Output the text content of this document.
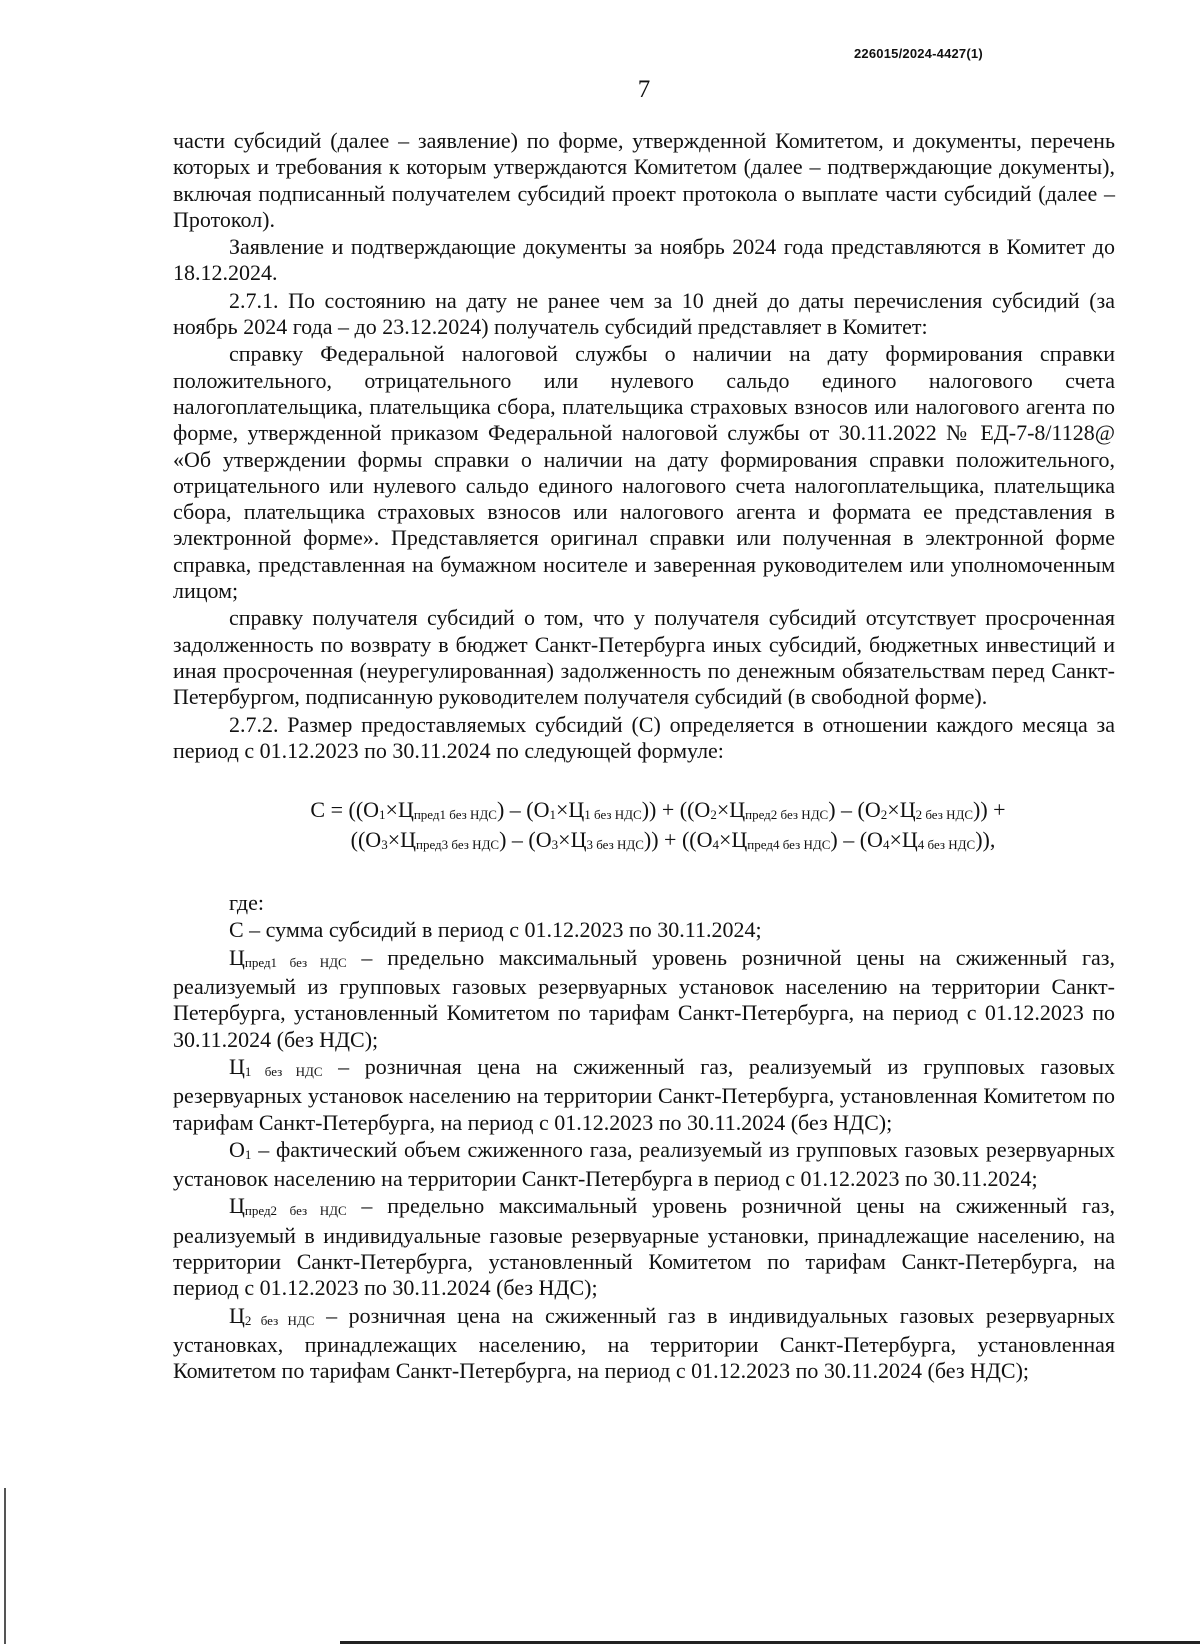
226015/2024-4427(1)
7

части субсидий (далее – заявление) по форме, утвержденной Комитетом, и документы, перечень которых и требования к которым утверждаются Комитетом (далее – подтверждающие документы), включая подписанный получателем субсидий проект протокола о выплате части субсидий (далее – Протокол).

Заявление и подтверждающие документы за ноябрь 2024 года представляются в Комитет до 18.12.2024.

2.7.1. По состоянию на дату не ранее чем за 10 дней до даты перечисления субсидий (за ноябрь 2024 года – до 23.12.2024) получатель субсидий представляет в Комитет:

справку Федеральной налоговой службы о наличии на дату формирования справки положительного, отрицательного или нулевого сальдо единого налогового счета налогоплательщика, плательщика сбора, плательщика страховых взносов или налогового агента по форме, утвержденной приказом Федеральной налоговой службы от 30.11.2022 № ЕД-7-8/1128@ «Об утверждении формы справки о наличии на дату формирования справки положительного, отрицательного или нулевого сальдо единого налогового счета налогоплательщика, плательщика сбора, плательщика страховых взносов или налогового агента и формата ее представления в электронной форме». Представляется оригинал справки или полученная в электронной форме справка, представленная на бумажном носителе и заверенная руководителем или уполномоченным лицом;

справку получателя субсидий о том, что у получателя субсидий отсутствует просроченная задолженность по возврату в бюджет Санкт-Петербурга иных субсидий, бюджетных инвестиций и иная просроченная (неурегулированная) задолженность по денежным обязательствам перед Санкт-Петербургом, подписанную руководителем получателя субсидий (в свободной форме).

2.7.2. Размер предоставляемых субсидий (С) определяется в отношении каждого месяца за период с 01.12.2023 по 30.11.2024 по следующей формуле:

С = ((О1×Цпред1 без НДС) – (О1×Ц1 без НДС)) + ((О2×Цпред2 без НДС) – (О2×Ц2 без НДС)) +
((О3×Цпред3 без НДС) – (О3×Ц3 без НДС)) + ((О4×Цпред4 без НДС) – (О4×Ц4 без НДС)),

где:

С – сумма субсидий в период с 01.12.2023 по 30.11.2024;

Цпред1 без НДС – предельно максимальный уровень розничной цены на сжиженный газ, реализуемый из групповых газовых резервуарных установок населению на территории Санкт-Петербурга, установленный Комитетом по тарифам Санкт-Петербурга, на период с 01.12.2023 по 30.11.2024 (без НДС);

Ц1 без НДС – розничная цена на сжиженный газ, реализуемый из групповых газовых резервуарных установок населению на территории Санкт-Петербурга, установленная Комитетом по тарифам Санкт-Петербурга, на период с 01.12.2023 по 30.11.2024 (без НДС);

О1 – фактический объем сжиженного газа, реализуемый из групповых газовых резервуарных установок населению на территории Санкт-Петербурга в период с 01.12.2023 по 30.11.2024;

Цпред2 без НДС – предельно максимальный уровень розничной цены на сжиженный газ, реализуемый в индивидуальные газовые резервуарные установки, принадлежащие населению, на территории Санкт-Петербурга, установленный Комитетом по тарифам Санкт-Петербурга, на период с 01.12.2023 по 30.11.2024 (без НДС);

Ц2 без НДС – розничная цена на сжиженный газ в индивидуальных газовых резервуарных установках, принадлежащих населению, на территории Санкт-Петербурга, установленная Комитетом по тарифам Санкт-Петербурга, на период с 01.12.2023 по 30.11.2024 (без НДС);
